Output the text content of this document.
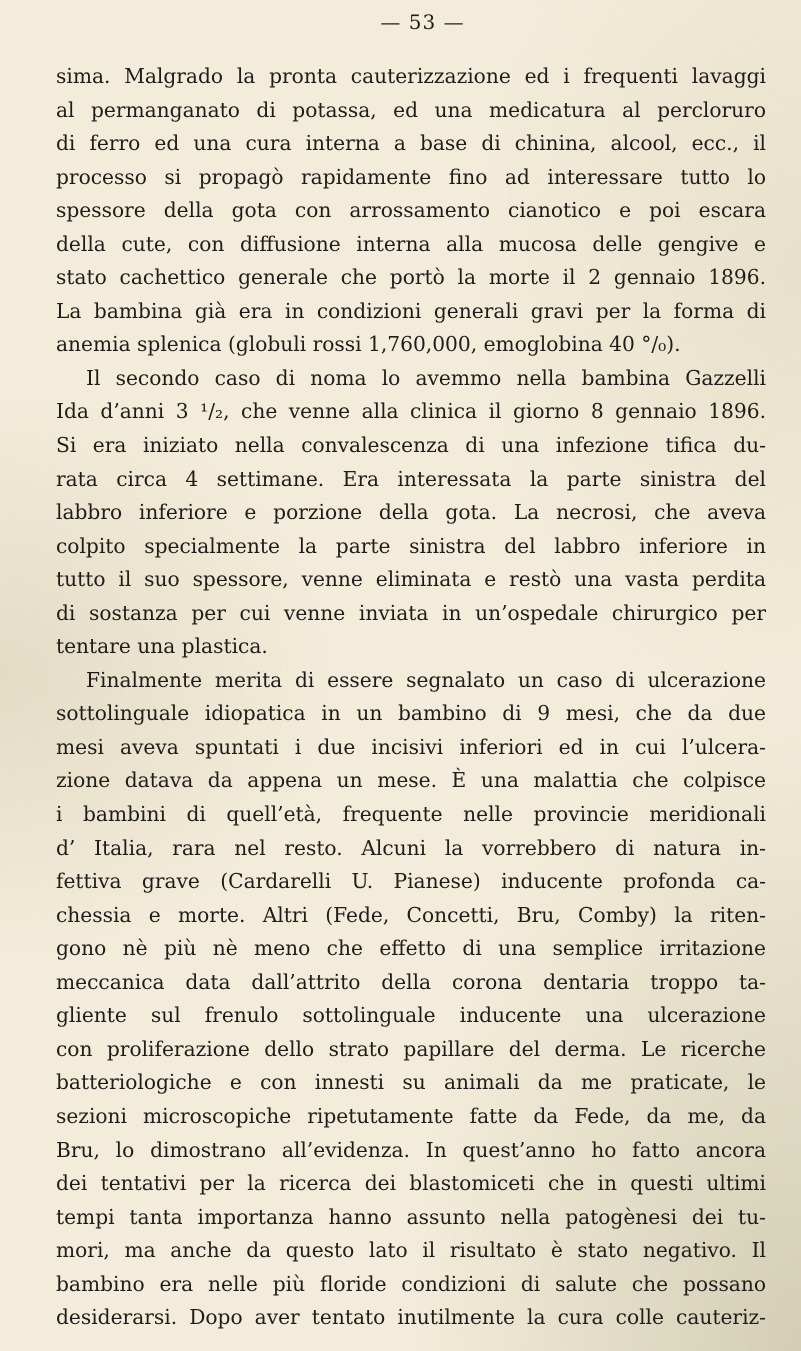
— 53 —
sima. Malgrado la pronta cauterizzazione ed i frequenti lavaggi
al permanganato di potassa, ed una medicatura al percloruro
di ferro ed una cura interna a base di chinina, alcool, ecc., il
processo si propagò rapidamente fino ad interessare tutto lo
spessore della gota con arrossamento cianotico e poi escara
della cute, con diffusione interna alla mucosa delle gengive e
stato cachettico generale che portò la morte il 2 gennaio 1896.
La bambina già era in condizioni generali gravi per la forma di
anemia splenica (globuli rossi 1,760,000, emoglobina 40 °/₀).
Il secondo caso di noma lo avemmo nella bambina Gazzelli
Ida d’anni 3 ¹/₂, che venne alla clinica il giorno 8 gennaio 1896.
Si era iniziato nella convalescenza di una infezione tifica du-
rata circa 4 settimane. Era interessata la parte sinistra del
labbro inferiore e porzione della gota. La necrosi, che aveva
colpito specialmente la parte sinistra del labbro inferiore in
tutto il suo spessore, venne eliminata e restò una vasta perdita
di sostanza per cui venne inviata in un’ospedale chirurgico per
tentare una plastica.
Finalmente merita di essere segnalato un caso di ulcerazione
sottolinguale idiopatica in un bambino di 9 mesi, che da due
mesi aveva spuntati i due incisivi inferiori ed in cui l’ulcera-
zione datava da appena un mese. È una malattia che colpisce
i bambini di quell’età, frequente nelle provincie meridionali
d’ Italia, rara nel resto. Alcuni la vorrebbero di natura in-
fettiva grave (Cardarelli U. Pianese) inducente profonda ca-
chessia e morte. Altri (Fede, Concetti, Bru, Comby) la riten-
gono nè più nè meno che effetto di una semplice irritazione
meccanica data dall’attrito della corona dentaria troppo ta-
gliente sul frenulo sottolinguale inducente una ulcerazione
con proliferazione dello strato papillare del derma. Le ricerche
batteriologiche e con innesti su animali da me praticate, le
sezioni microscopiche ripetutamente fatte da Fede, da me, da
Bru, lo dimostrano all’evidenza. In quest’anno ho fatto ancora
dei tentativi per la ricerca dei blastomiceti che in questi ultimi
tempi tanta importanza hanno assunto nella patogènesi dei tu-
mori, ma anche da questo lato il risultato è stato negativo. Il
bambino era nelle più floride condizioni di salute che possano
desiderarsi. Dopo aver tentato inutilmente la cura colle cauteriz-
